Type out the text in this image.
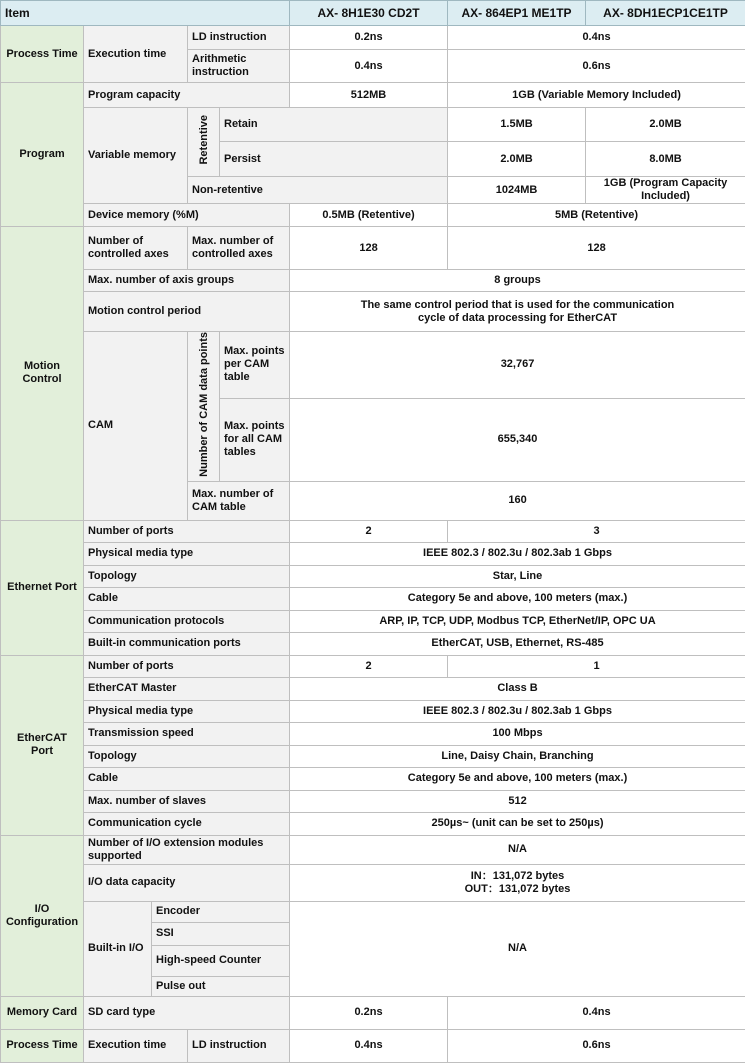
Item					AX- 8H1E30 CD2T	AX- 864EP1 ME1TP	AX- 8DH1ECP1CE1TP
Process Time	Execution time		LD instruction		0.2ns	0.4ns	
			Arithmetic instruction		0.4ns	0.6ns	
Program	Program capacity				512MB	1GB (Variable Memory Included)	
	Variable memory		Retentive	Retain		1.5MB	2.0MB
				Persist		2.0MB	8.0MB
			Non-retentive			1024MB	1GB (Program Capacity Included)
	Device memory (%M)				0.5MB (Retentive)	5MB (Retentive)	
Motion Control	Number of controlled axes		Max. number of controlled axes		128	128	
	Max. number of axis groups				8 groups		
	Motion control period				The same control period that is used for the communication
cycle of data processing for EtherCAT		

	CAM		Number of CAM data points	Max. points per CAM table	32,767		
				Max. points for all CAM tables	655,340		
			Max. number of CAM table		160		
Ethernet Port	Number of ports				2	3	
	Physical media type				IEEE 802.3 / 802.3u / 802.3ab 1 Gbps		
	Topology				Star, Line		
	Cable				Category 5e and above, 100 meters (max.)		
	Communication protocols				ARP, IP, TCP, UDP, Modbus TCP, EtherNet/IP, OPC UA		
	Built-in communication ports				EtherCAT, USB, Ethernet, RS-485		
EtherCAT Port	Number of ports				2	1	
	EtherCAT Master				Class B		
	Physical media type				IEEE 802.3 / 802.3u / 802.3ab 1 Gbps		
	Transmission speed				100 Mbps		
	Topology				Line, Daisy Chain, Branching		
	Cable				Category 5e and above, 100 meters (max.)		
	Max. number of slaves				512		
	Communication cycle				250µs~ (unit can be set to 250µs)		
I/O Configuration	Number of I/O extension modules supported				N/A		
	I/O data capacity				IN：131,072 bytes
OUT：131,072 bytes		

	Built-in I/O	Encoder			N/A		
		SSI					
		High-speed Counter					
		Pulse out					
Memory Card	SD card type				0.2ns	0.4ns	
Process Time	Execution time		LD instruction		0.4ns	0.6ns	
